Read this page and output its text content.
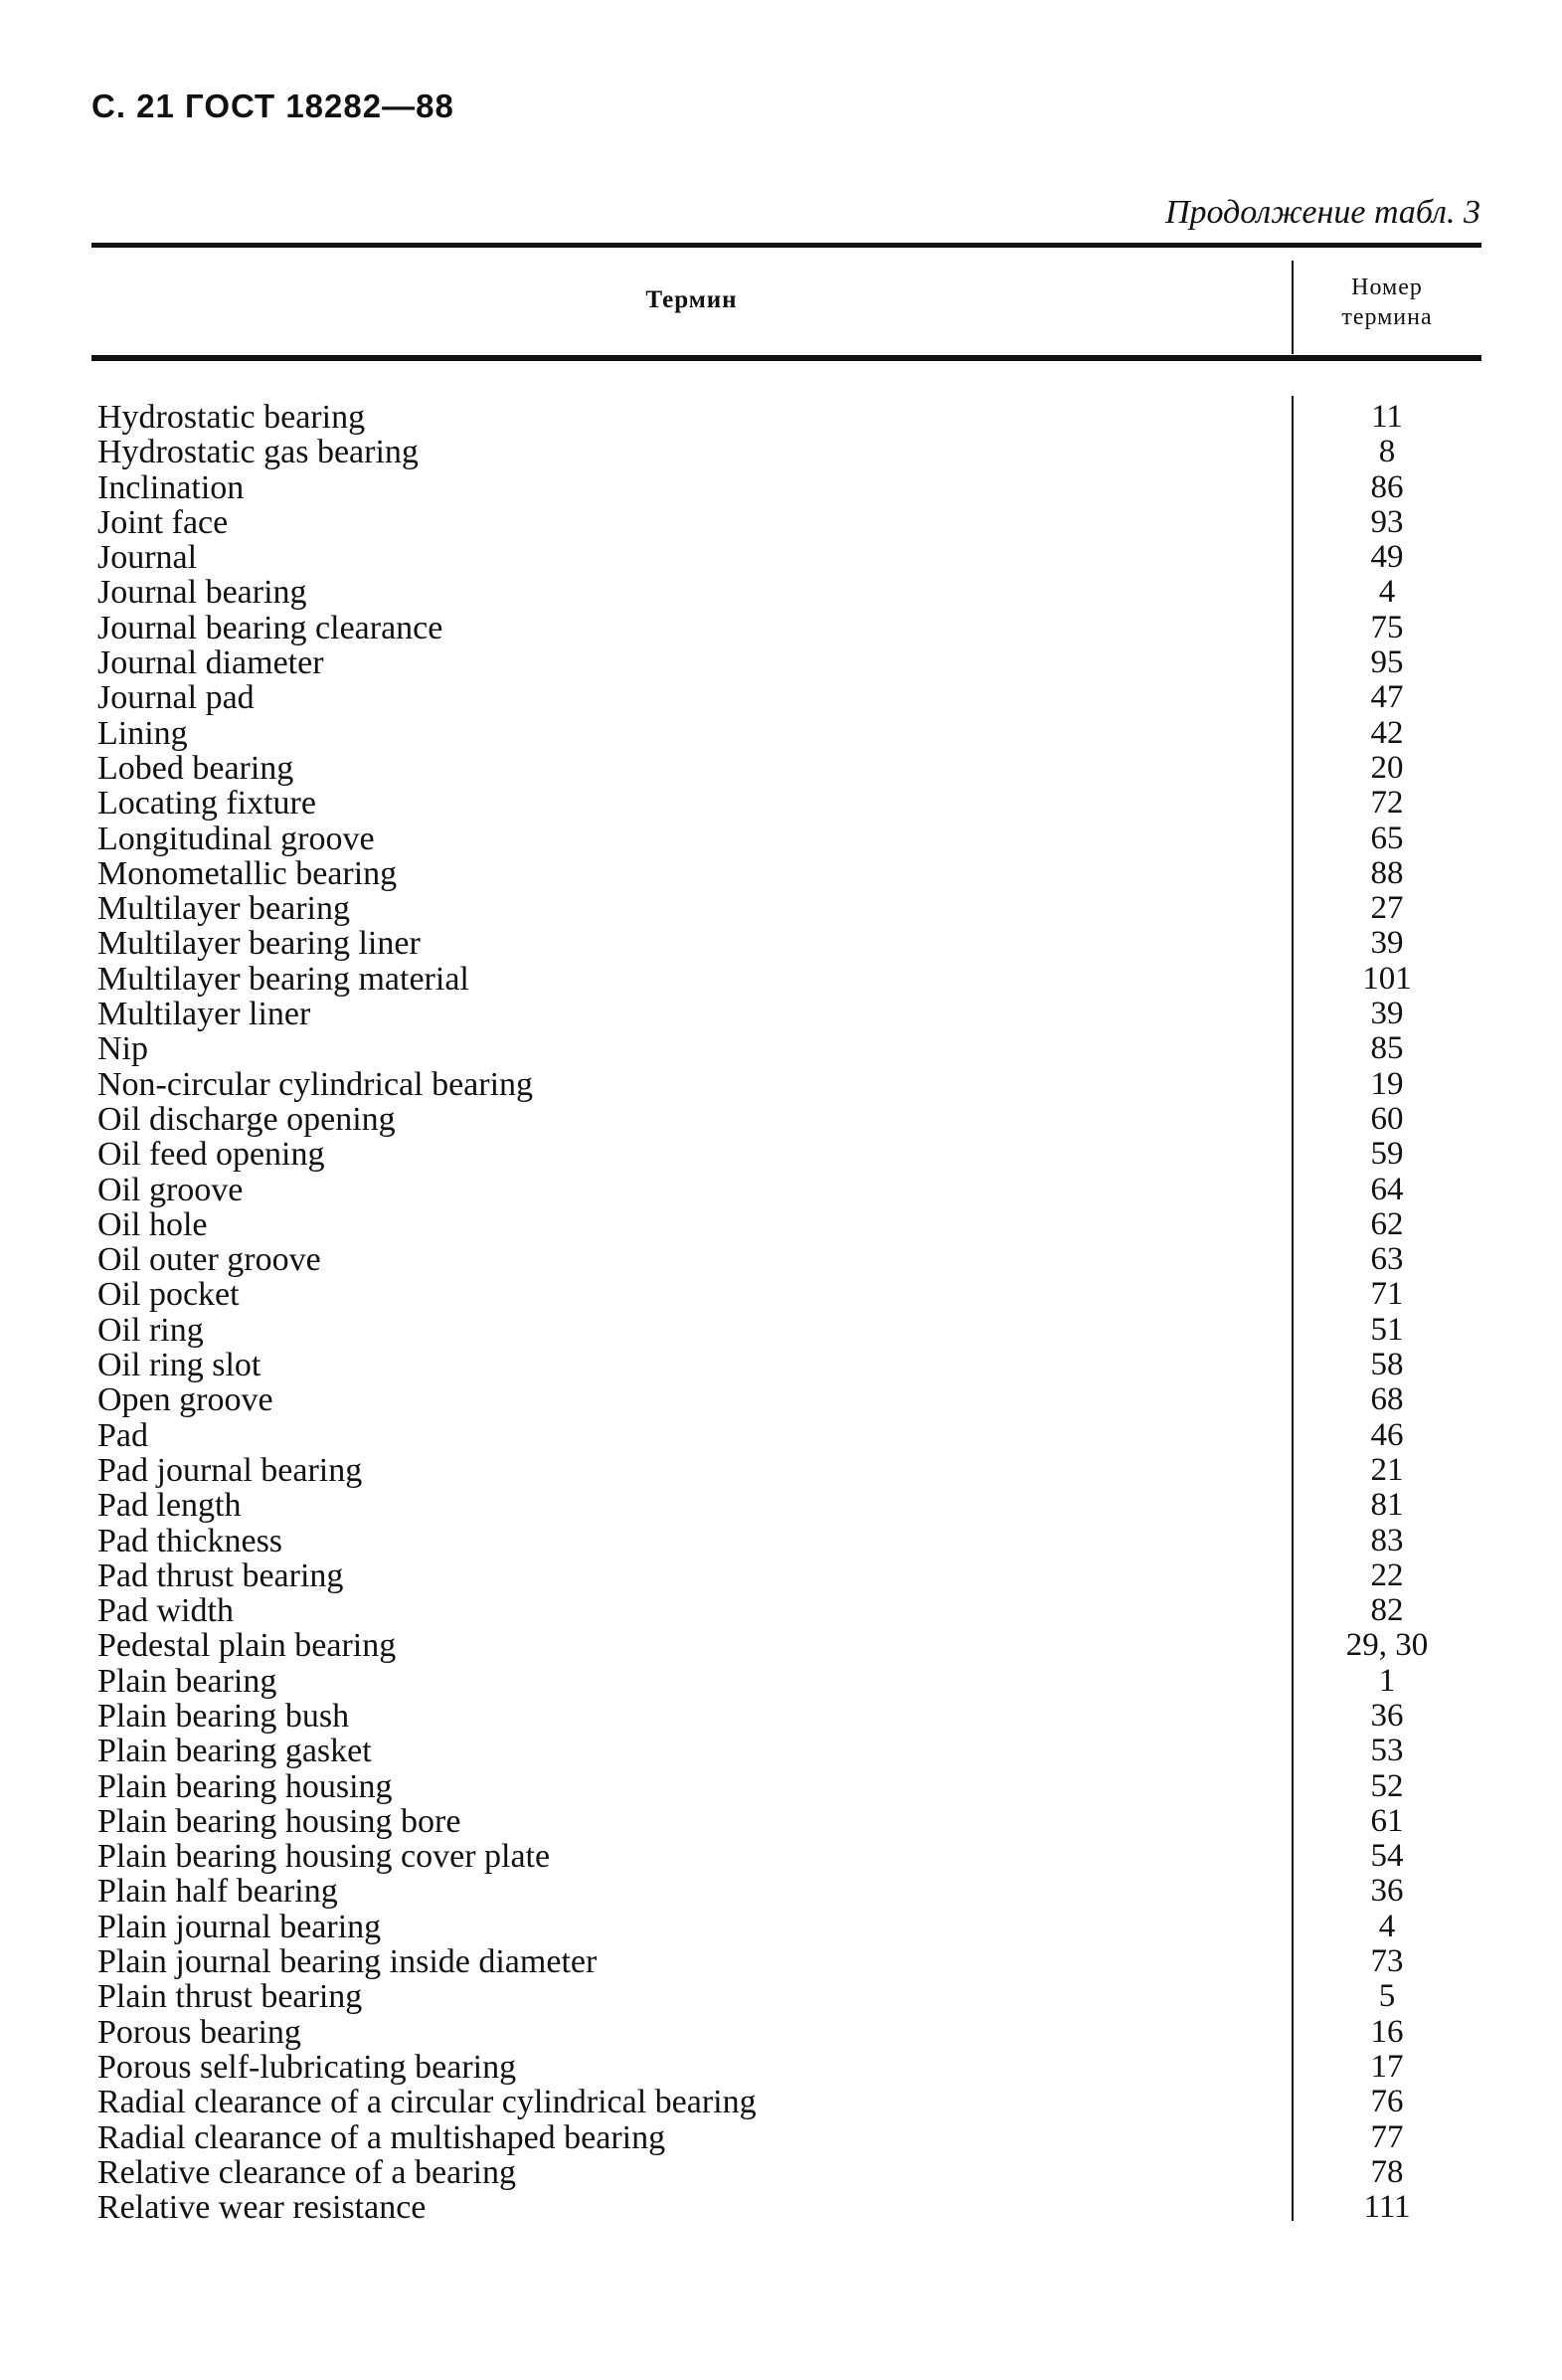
С. 21 ГОСТ 18282—88
Продолжение табл. 3
Термин	Номер
термина
Hydrostatic bearing	11
Hydrostatic gas bearing	8
Inclination	86
Joint face	93
Journal	49
Journal bearing	4
Journal bearing clearance	75
Journal diameter	95
Journal pad	47
Lining	42
Lobed bearing	20
Locating fixture	72
Longitudinal groove	65
Monometallic bearing	88
Multilayer bearing	27
Multilayer bearing liner	39
Multilayer bearing material	101
Multilayer liner	39
Nip	85
Non-circular cylindrical bearing	19
Oil discharge opening	60
Oil feed opening	59
Oil groove	64
Oil hole	62
Oil outer groove	63
Oil pocket	71
Oil ring	51
Oil ring slot	58
Open groove	68
Pad	46
Pad journal bearing	21
Pad length	81
Pad thickness	83
Pad thrust bearing	22
Pad width	82
Pedestal plain bearing	29, 30
Plain bearing	1
Plain bearing bush	36
Plain bearing gasket	53
Plain bearing housing	52
Plain bearing housing bore	61
Plain bearing housing cover plate	54
Plain half bearing	36
Plain journal bearing	4
Plain journal bearing inside diameter	73
Plain thrust bearing	5
Porous bearing	16
Porous self-lubricating bearing	17
Radial clearance of a circular cylindrical bearing	76
Radial clearance of a multishaped bearing	77
Relative clearance of a bearing	78
Relative wear resistance	111
